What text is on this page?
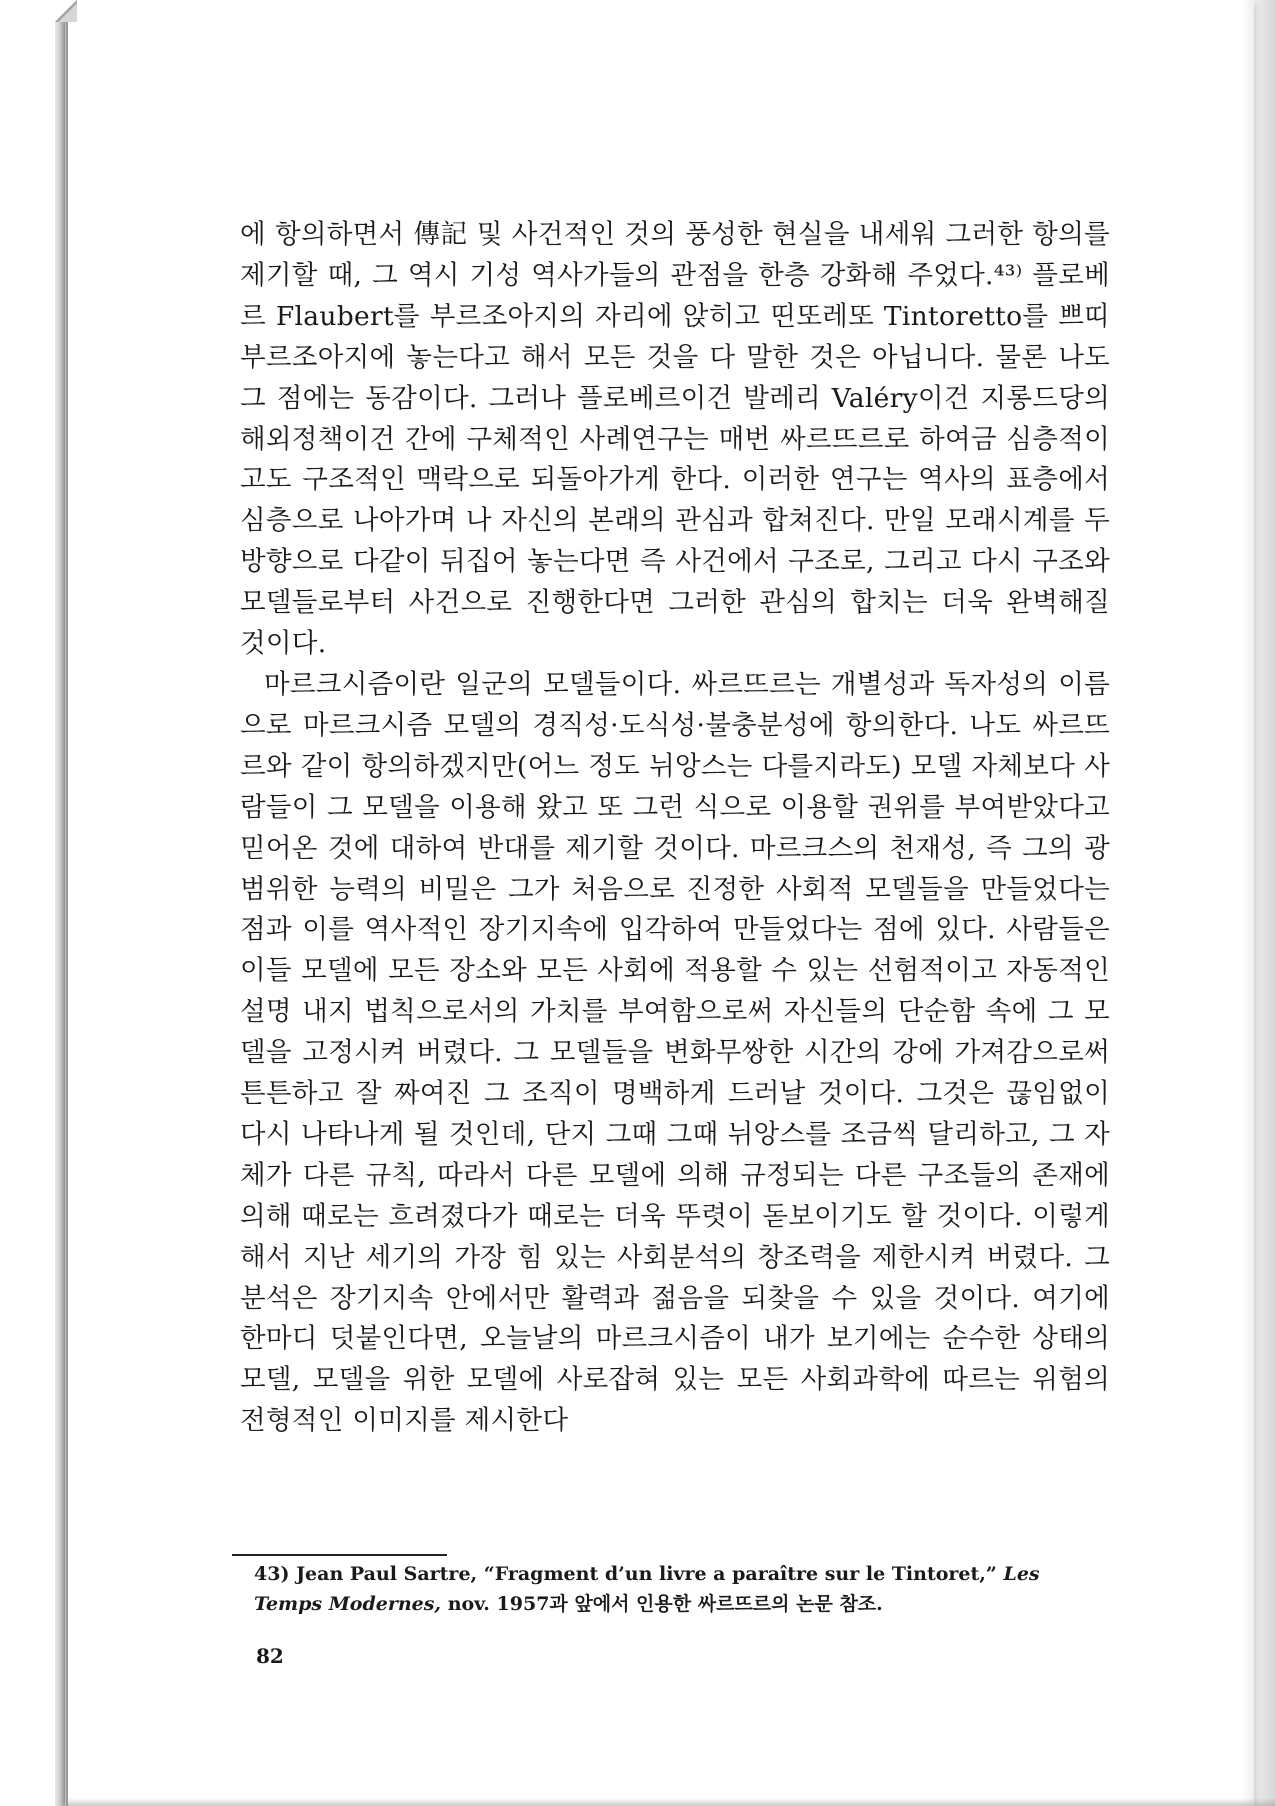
에 항의하면서 傳記 및 사건적인 것의 풍성한 현실을 내세워 그러한 항의를 제기할 때, 그 역시 기성 역사가들의 관점을 한층 강화해 주었다.⁴³⁾ 플로베르 Flaubert를 부르조아지의 자리에 앉히고 띤또레또 Tintoretto를 쁘띠 부르조아지에 놓는다고 해서 모든 것을 다 말한 것은 아닙니다. 물론 나도 그 점에는 동감이다. 그러나 플로베르이건 발레리 Valéry이건 지롱드당의 해외정책이건 간에 구체적인 사례연구는 매번 싸르뜨르로 하여금 심층적이고도 구조적인 맥락으로 되돌아가게 한다. 이러한 연구는 역사의 표층에서 심층으로 나아가며 나 자신의 본래의 관심과 합쳐진다. 만일 모래시계를 두 방향으로 다같이 뒤집어 놓는다면 즉 사건에서 구조로, 그리고 다시 구조와 모델들로부터 사건으로 진행한다면 그러한 관심의 합치는 더욱 완벽해질 것이다.

마르크시즘이란 일군의 모델들이다. 싸르뜨르는 개별성과 독자성의 이름으로 마르크시즘 모델의 경직성·도식성·불충분성에 항의한다. 나도 싸르뜨르와 같이 항의하겠지만(어느 정도 뉘앙스는 다를지라도) 모델 자체보다 사람들이 그 모델을 이용해 왔고 또 그런 식으로 이용할 권위를 부여받았다고 믿어온 것에 대하여 반대를 제기할 것이다. 마르크스의 천재성, 즉 그의 광범위한 능력의 비밀은 그가 처음으로 진정한 사회적 모델들을 만들었다는 점과 이를 역사적인 장기지속에 입각하여 만들었다는 점에 있다. 사람들은 이들 모델에 모든 장소와 모든 사회에 적용할 수 있는 선험적이고 자동적인 설명 내지 법칙으로서의 가치를 부여함으로써 자신들의 단순함 속에 그 모델을 고정시켜 버렸다. 그 모델들을 변화무쌍한 시간의 강에 가져감으로써 튼튼하고 잘 짜여진 그 조직이 명백하게 드러날 것이다. 그것은 끊임없이 다시 나타나게 될 것인데, 단지 그때 그때 뉘앙스를 조금씩 달리하고, 그 자체가 다른 규칙, 따라서 다른 모델에 의해 규정되는 다른 구조들의 존재에 의해 때로는 흐려졌다가 때로는 더욱 뚜렷이 돋보이기도 할 것이다. 이렇게 해서 지난 세기의 가장 힘 있는 사회분석의 창조력을 제한시켜 버렸다. 그 분석은 장기지속 안에서만 활력과 젊음을 되찾을 수 있을 것이다. 여기에 한마디 덧붙인다면, 오늘날의 마르크시즘이 내가 보기에는 순수한 상태의 모델, 모델을 위한 모델에 사로잡혀 있는 모든 사회과학에 따르는 위험의 전형적인 이미지를 제시한다

43) Jean Paul Sartre, “Fragment d’un livre a paraître sur le Tintoret,” Les Temps Modernes, nov. 1957과 앞에서 인용한 싸르뜨르의 논문 참조.
82
